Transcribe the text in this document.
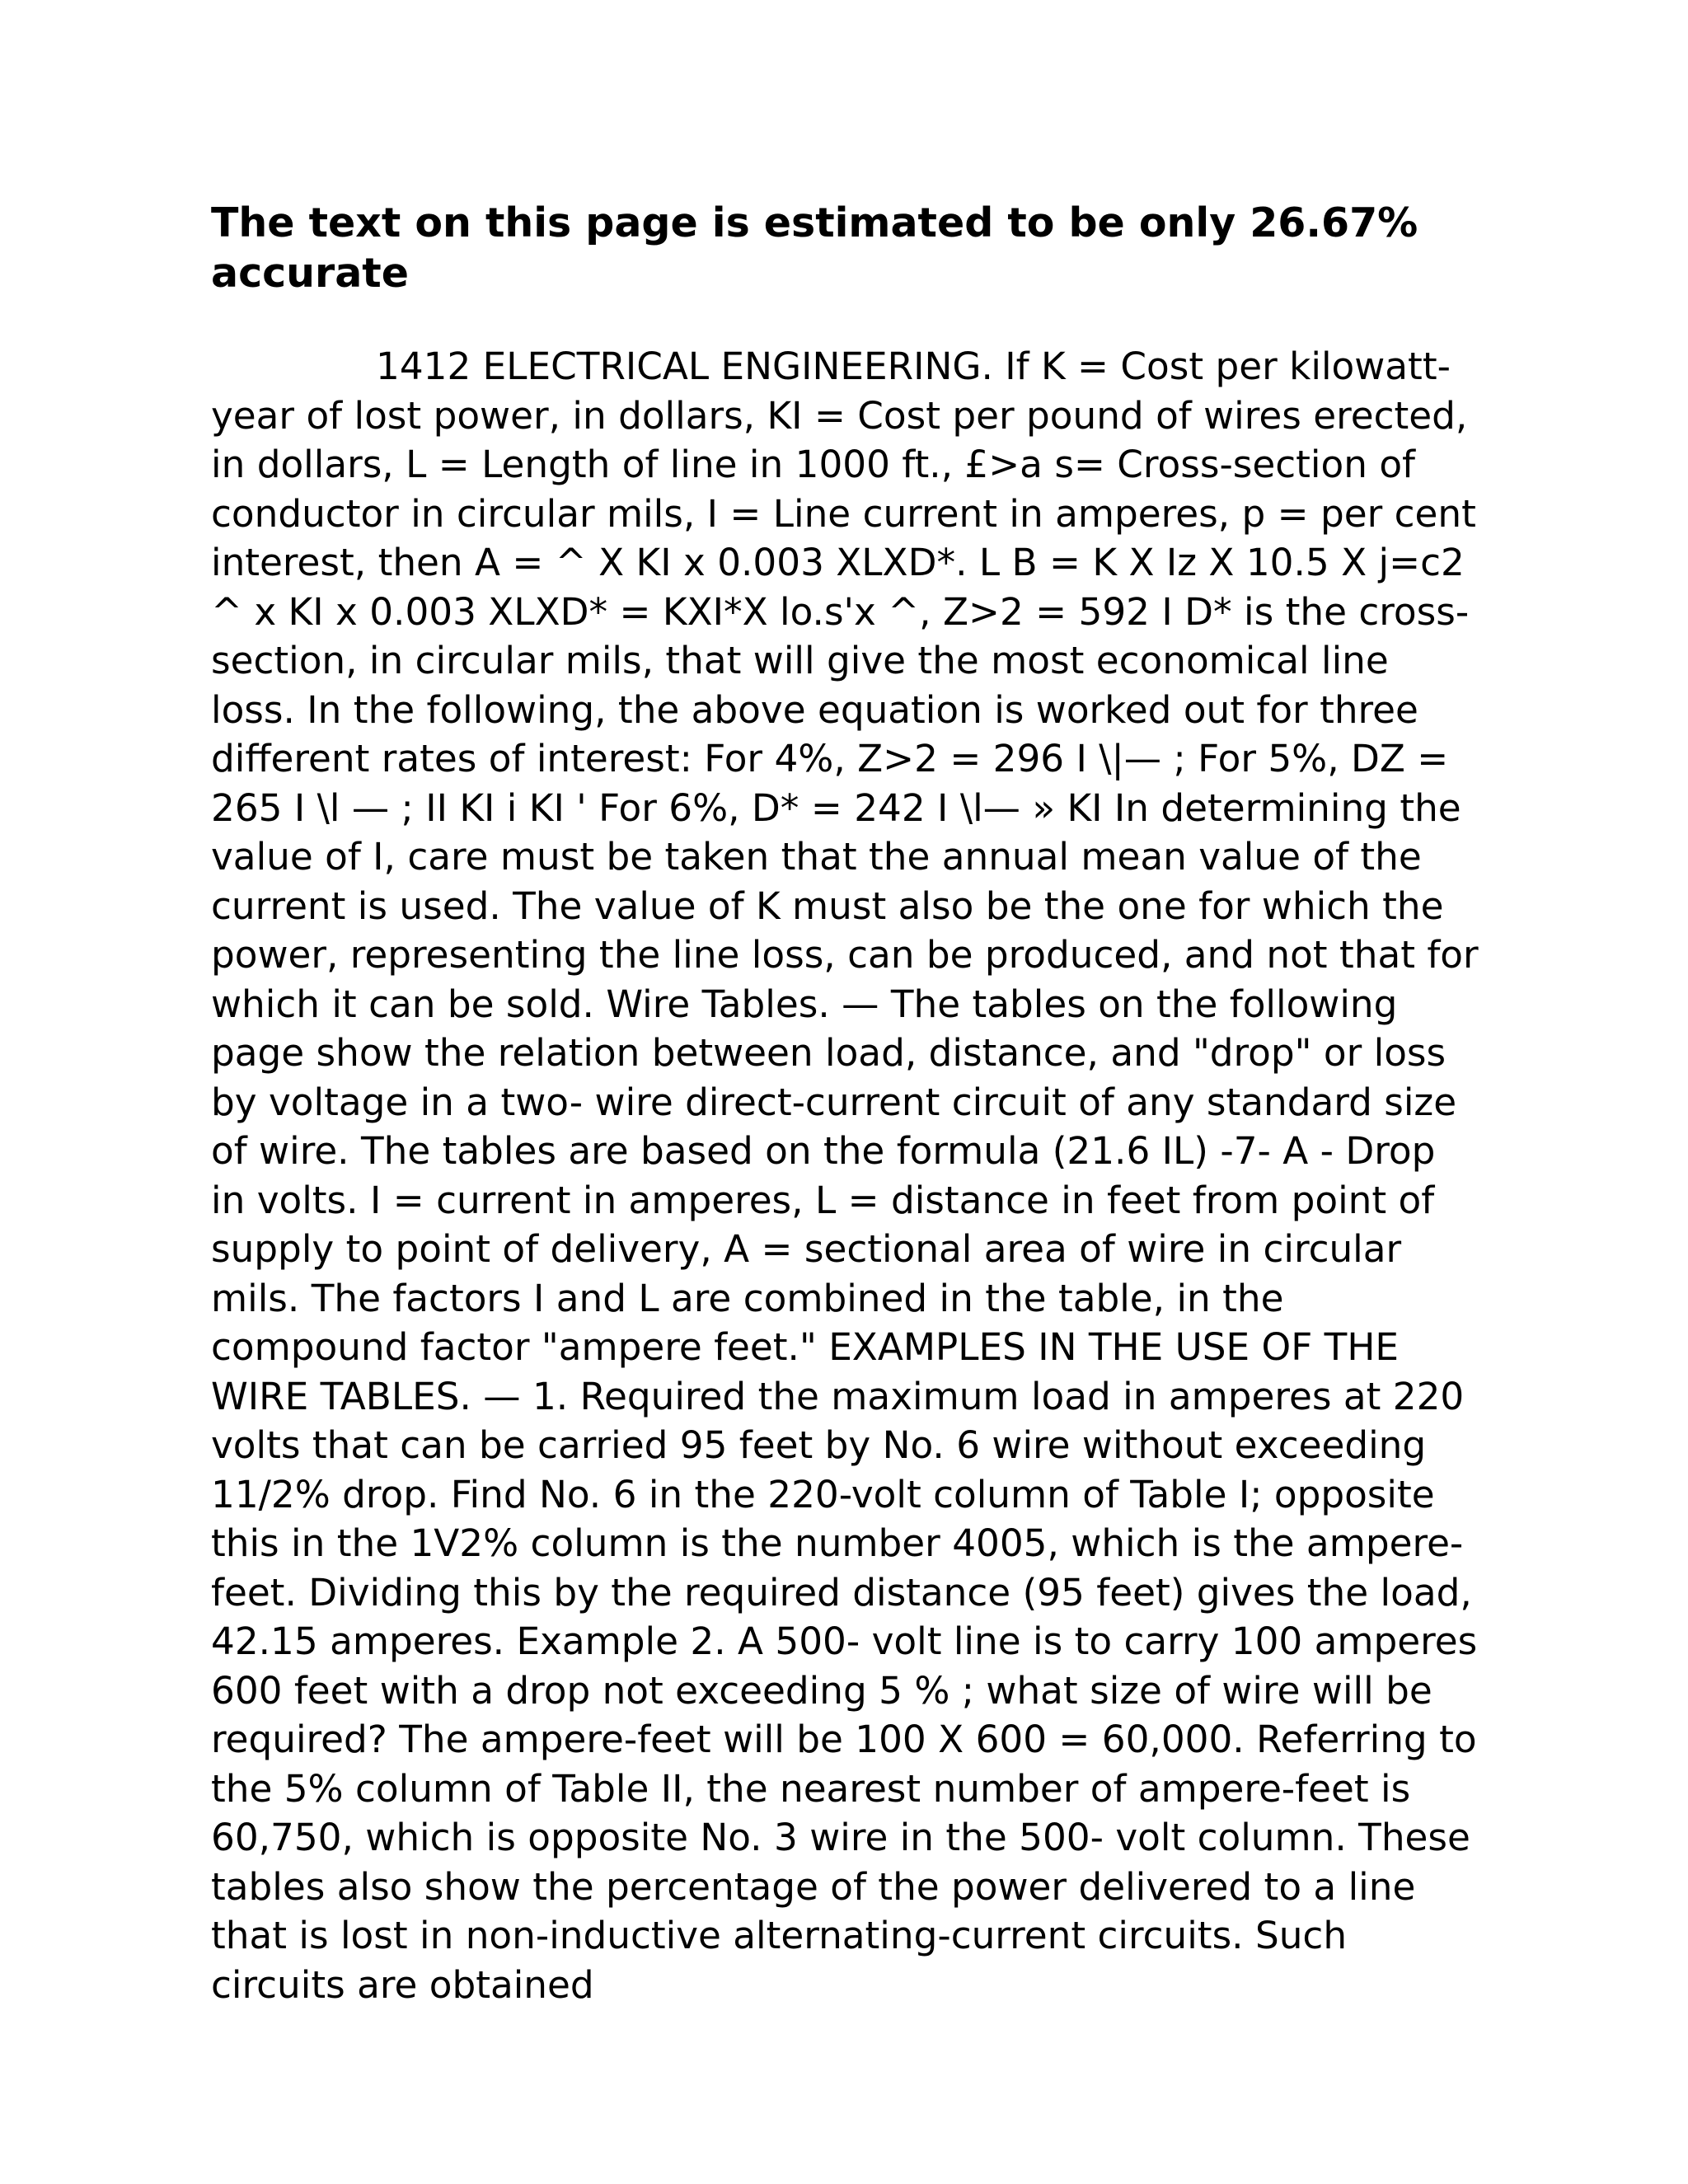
The text on this page is estimated to be only 26.67% accurate

1412 ELECTRICAL ENGINEERING. If K = Cost per kilowatt-year of lost power, in dollars, KI = Cost per pound of wires erected, in dollars, L = Length of line in 1000 ft., £>a s= Cross-section of conductor in circular mils, I = Line current in amperes, p = per cent interest, then A = ^ X KI x 0.003 XLXD*. L B = K X Iz X 10.5 X j=c2 ^ x KI x 0.003 XLXD* = KXI*X lo.s'x ^, Z>2 = 592 I D* is the cross-section, in circular mils, that will give the most economical line loss. In the following, the above equation is worked out for three different rates of interest: For 4%, Z>2 = 296 I \|— ; For 5%, DZ = 265 I \l — ; II KI i KI ' For 6%, D* = 242 I \l— » KI In determining the value of I, care must be taken that the annual mean value of the current is used. The value of K must also be the one for which the power, representing the line loss, can be produced, and not that for which it can be sold. Wire Tables. — The tables on the following page show the relation between load, distance, and "drop" or loss by voltage in a two- wire direct-current circuit of any standard size of wire. The tables are based on the formula (21.6 IL) -7- A - Drop in volts. I = current in amperes, L = distance in feet from point of supply to point of delivery, A = sectional area of wire in circular mils. The factors I and L are combined in the table, in the compound factor "ampere feet." EXAMPLES IN THE USE OF THE WIRE TABLES. — 1. Required the maximum load in amperes at 220 volts that can be carried 95 feet by No. 6 wire without exceeding 11/2% drop. Find No. 6 in the 220-volt column of Table I; opposite this in the 1V2% column is the number 4005, which is the ampere-feet. Dividing this by the required distance (95 feet) gives the load, 42.15 amperes. Example 2. A 500- volt line is to carry 100 amperes 600 feet with a drop not exceeding 5 % ; what size of wire will be required? The ampere-feet will be 100 X 600 = 60,000. Referring to the 5% column of Table II, the nearest number of ampere-feet is 60,750, which is opposite No. 3 wire in the 500- volt column. These tables also show the percentage of the power delivered to a line that is lost in non-inductive alternating-current circuits. Such circuits are obtained
